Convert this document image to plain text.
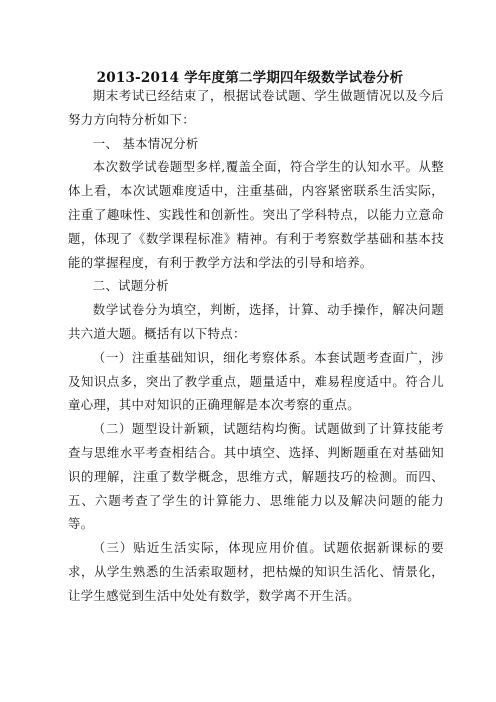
2013-2014 学年度第二学期四年级数学试卷分析

期末考试已经结束了，根据试卷试题、学生做题情况以及今后努力方向特分析如下：

一、 基本情况分析

本次数学试卷题型多样,覆盖全面，符合学生的认知水平。从整体上看，本次试题难度适中，注重基础，内容紧密联系生活实际，注重了趣味性、实践性和创新性。突出了学科特点，以能力立意命题，体现了《数学课程标准》精神。有利于考察数学基础和基本技能的掌握程度，有利于教学方法和学法的引导和培养。

二、试题分析

数学试卷分为填空，判断，选择，计算、动手操作，解决问题共六道大题。概括有以下特点：

（一）注重基础知识，细化考察体系。本套试题考查面广，涉及知识点多，突出了教学重点，题量适中，难易程度适中。符合儿童心理，其中对知识的正确理解是本次考察的重点。

（二）题型设计新颖，试题结构均衡。试题做到了计算技能考查与思维水平考查相结合。其中填空、选择、判断题重在对基础知识的理解，注重了数学概念，思维方式，解题技巧的检测。而四、五、六题考查了学生的计算能力、思维能力以及解决问题的能力等。

（三）贴近生活实际，体现应用价值。试题依据新课标的要求，从学生熟悉的生活索取题材，把枯燥的知识生活化、情景化， 让学生感觉到生活中处处有数学，数学离不开生活。
